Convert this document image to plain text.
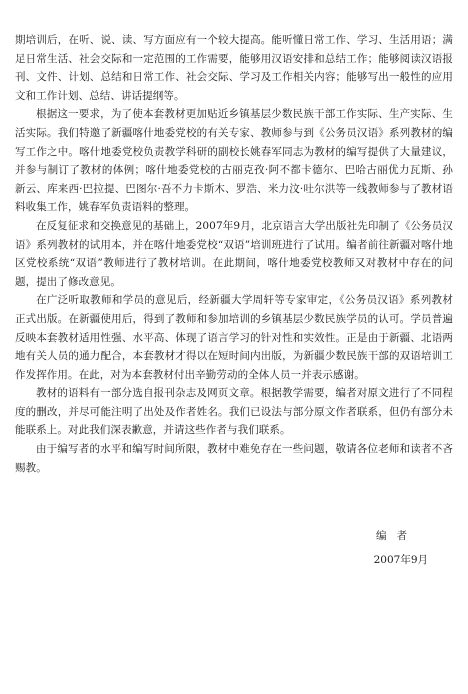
期培训后，在听、说、读、写方面应有一个较大提高。能听懂日常工作、学习、生活用语；满足日常生活、社会交际和一定范围的工作需要，能够用汉语安排和总结工作；能够阅读汉语报刊、文件、计划、总结和日常工作、社会交际、学习及工作相关内容；能够写出一般性的应用文和工作计划、总结、讲话提纲等。

根据这一要求，为了使本套教材更加贴近乡镇基层少数民族干部工作实际、生产实际、生活实际。我们特邀了新疆喀什地委党校的有关专家、教师参与到《公务员汉语》系列教材的编写工作之中。喀什地委党校负责教学科研的副校长姚春军同志为教材的编写提供了大量建议，并参与制订了教材的体例；喀什地委党校的古丽克孜·阿不都卡德尔、巴哈古丽优力瓦斯、孙新云、库来西·巴拉提、巴图尔·吾不力卡斯木、罗浩、米力汶·吐尔洪等一线教师参与了教材语料收集工作，姚春军负责语料的整理。

在反复征求和交换意见的基础上，2007年9月，北京语言大学出版社先印制了《公务员汉语》系列教材的试用本，并在喀什地委党校“双语”培训班进行了试用。编者前往新疆对喀什地区党校系统“双语”教师进行了教材培训。在此期间，喀什地委党校教师又对教材中存在的问题，提出了修改意见。

在广泛听取教师和学员的意见后，经新疆大学周轩等专家审定，《公务员汉语》系列教材正式出版。在新疆使用后，得到了教师和参加培训的乡镇基层少数民族学员的认可。学员普遍反映本套教材适用性强、水平高、体现了语言学习的针对性和实效性。正是由于新疆、北语两地有关人员的通力配合，本套教材才得以在短时间内出版，为新疆少数民族干部的双语培训工作发挥作用。在此，对为本套教材付出辛勤劳动的全体人员一并表示感谢。

教材的语料有一部分选自报刊杂志及网页文章。根据教学需要，编者对原文进行了不同程度的删改，并尽可能注明了出处及作者姓名。我们已设法与部分原文作者联系，但仍有部分未能联系上。对此我们深表歉意，并请这些作者与我们联系。

由于编写者的水平和编写时间所限，教材中难免存在一些问题，敬请各位老师和读者不吝赐教。

编者
2007年9月
